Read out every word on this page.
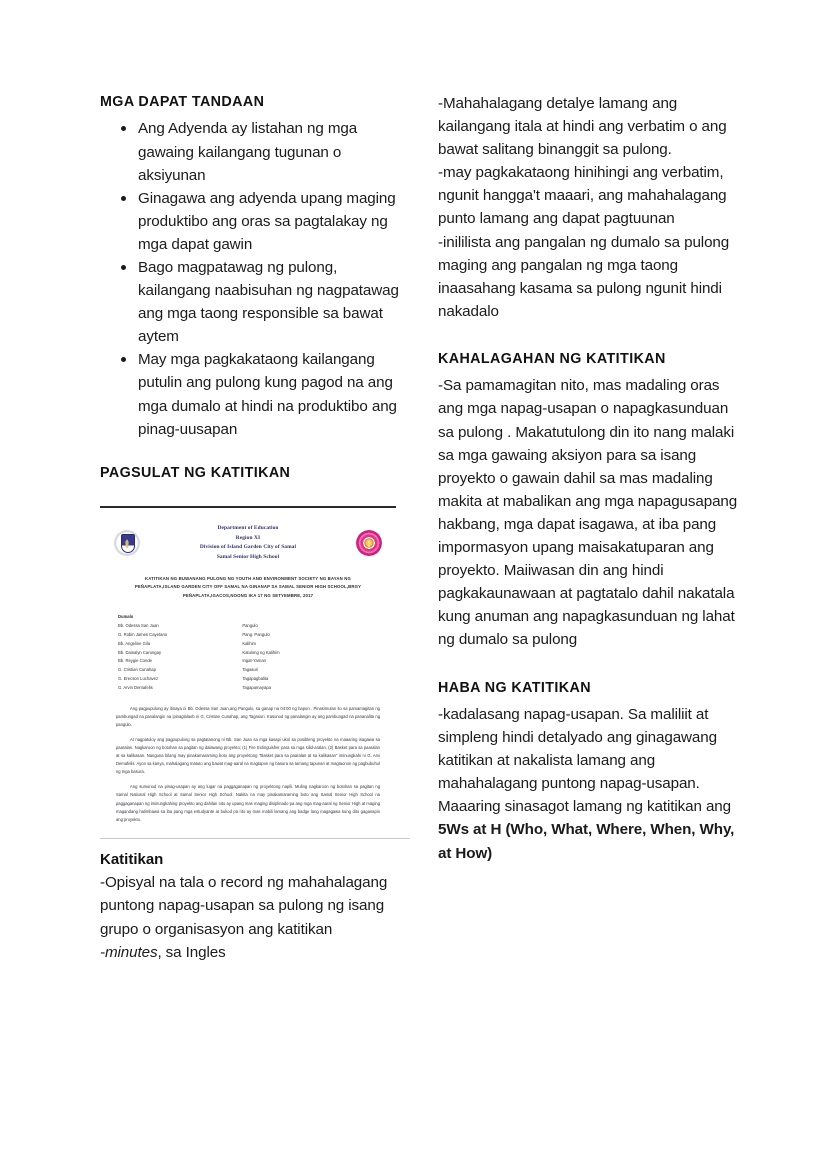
MGA DAPAT TANDAAN
Ang Adyenda ay listahan ng mga gawaing kailangang tugunan o aksiyunan
Ginagawa ang adyenda upang maging produktibo ang oras sa pagtalakay ng mga dapat gawin
Bago magpatawag ng pulong, kailangang naabisuhan ng nagpatawag ang mga taong responsible sa bawat aytem
May mga pagkakataong kailangang putulin ang pulong kung pagod na ang mga dumalo at hindi na produktibo ang pinag-uusapan
PAGSULAT NG KATITIKAN
Department of Education
Region XI
Division of Island Garden City of Samal
Samal Senior High School
KATITIKAN NG BUWANANG PULONG NG YOUTH AND ENVIRONMENT SOCIETY NG BAYAN NG PEÑAPLATA,ISLAND GARDEN CITY OFF SAMAL NA GINANAP SA SAMAL SENIOR HIGH SCHOOL,BRGY PEÑAPLATA,IGACOS,NOONG IKA 17 NG SETYEMBRE, 2017
Dumalo
Bb. Odessa San Juan	Pangulo
G. Robin James Cayetano	Pang. Pangulo
Bb. Angeline Gila	Kalihim
Bb. Dainalyn Carungay	Katulong ng Kalihim
Bb. Reygie Conde	Ingat-Yaman
G. Cristian Cunahap	Tagasuri
G. Erecson Luchavez	Tagapagbalita
G. Arvin Demafelis	Tagapamayapa

Ang pagpupulong ay itinaya ni Bb. Odessa San Juan,ang Pangulo, sa ganap na 04:00 ng hapon . Pinasimulan ito sa pamamagitan ng pambungad na panalangin na ipinaglalaob ni G. Cristian Cunahap, ang Tagasuri. Kasunod ng panalangin ay ang pambungad na pananalita ng pangulo.

At nagpatuloy ang pagpupulong sa pagtatanong ni Bb. San Juan sa mga kasapi ukol sa posibleng proyekto na maaaring isagawa sa paaralan. Nagkaroon ng botohan sa pagitan ng dalawang proyekto; (1) Fire Extinguisher para sa mga silid-aralan, (2) Basket para sa paaralan at sa kalikasan. Nanguna bilang may pinakamaraming boto ang proyektong "Basket para sa paaralan at sa kalikasan" iminungkahi ni G. Arvi Demafelis. Ayon sa kanya, mahalagang matuto ang bawat mag-aaral na magtapon ng basura sa tamang tapunan at magtaonon ng pagbubuhol ng mga basura.

Ang sumunod na pinag-usapan ay ang lugar na paggaganapan ng proyektong napili. Muling nagkaroon ng botohan sa pagitan ng Samal National High School at Samal Senior High School. Nakita na may pinakamaraming boto ang Samal Senior High School na paggaganapan ng iminungkahing proyekto ang dahilan nito ay upang mas maging disiplinado pa ang mga mag-aaral ng Senior High at maging magandang halimbawa sa iba pang mga estudyante at bukod pa rito ay mas mabili lamang ang badge lang magagawa kung dito gaganapin ang proyekto.

Katitikan

-Opisyal na tala o record ng mahahalagang puntong napag-usapan sa pulong ng isang grupo o organisasyon ang katitikan

-minutes, sa Ingles

-Mahahalagang detalye lamang ang kailangang itala at hindi ang verbatim o ang bawat salitang binanggit sa pulong.

-may pagkakataong hinihingi ang verbatim, ngunit hangga't maaari, ang mahahalagang punto lamang ang dapat pagtuunan

-inililista ang pangalan ng dumalo sa pulong maging ang pangalan ng mga taong inaasahang kasama sa pulong ngunit hindi nakadalo

KAHALAGAHAN NG KATITIKAN

-Sa pamamagitan nito, mas madaling oras ang mga napag-usapan o napagkasunduan sa pulong . Makatutulong din ito nang malaki sa mga gawaing aksiyon para sa isang proyekto o gawain dahil sa mas madaling makita at mabalikan ang mga napagusapang hakbang, mga dapat isagawa, at iba pang impormasyon upang maisakatuparan ang proyekto. Maiiwasan din ang hindi pagkakaunawaan at pagtatalo dahil nakatala kung anuman ang napagkasunduan ng lahat ng dumalo sa pulong

HABA NG KATITIKAN

-kadalasang napag-usapan. Sa maliliit at simpleng hindi detalyado ang ginagawang katitikan at nakalista lamang ang mahahalagang puntong napag-usapan. Maaaring sinasagot lamang ng katitikan ang 5Ws at H (Who, What, Where, When, Why, at How)
